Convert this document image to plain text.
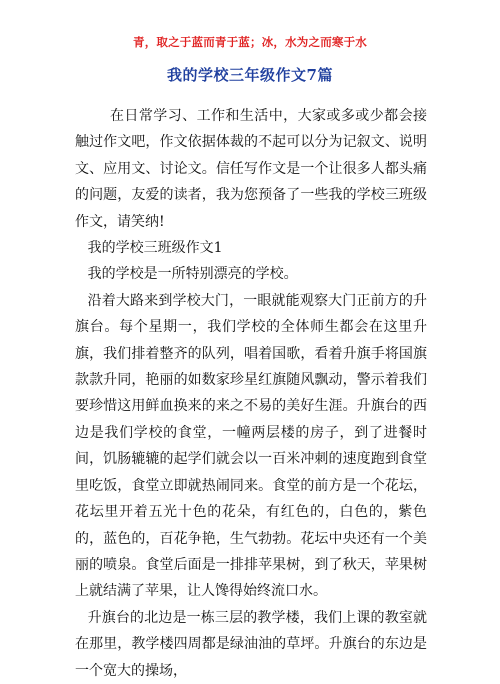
青，取之于蓝而青于蓝；冰，水为之而寒于水
我的学校三年级作文7篇

在日常学习、工作和生活中，大家或多或少都会接触过作文吧，作文依据体裁的不起可以分为记叙文、说明文、应用文、讨论文。信任写作文是一个让很多人都头痛的问题，友爱的读者，我为您预备了一些我的学校三班级作文，请笑纳!

我的学校三班级作文1

我的学校是一所特别漂亮的学校。

沿着大路来到学校大门，一眼就能观察大门正前方的升旗台。每个星期一，我们学校的全体师生都会在这里升旗，我们排着整齐的队列，唱着国歌，看着升旗手将国旗款款升同，艳丽的如数家珍星红旗随风飘动，警示着我们要珍惜这用鲜血换来的来之不易的美好生涯。升旗台的西边是我们学校的食堂，一幢两层楼的房子，到了进餐时间，饥肠辘辘的起学们就会以一百米冲刺的速度跑到食堂里吃饭，食堂立即就热闹同来。食堂的前方是一个花坛，花坛里开着五光十色的花朵，有红色的，白色的，紫色的，蓝色的，百花争艳，生气勃勃。花坛中央还有一个美丽的喷泉。食堂后面是一排排苹果树，到了秋天，苹果树上就结满了苹果，让人馋得始终流口水。

升旗台的北边是一栋三层的教学楼，我们上课的教室就在那里，教学楼四周都是绿油油的草坪。升旗台的东边是一个宽大的操场，
